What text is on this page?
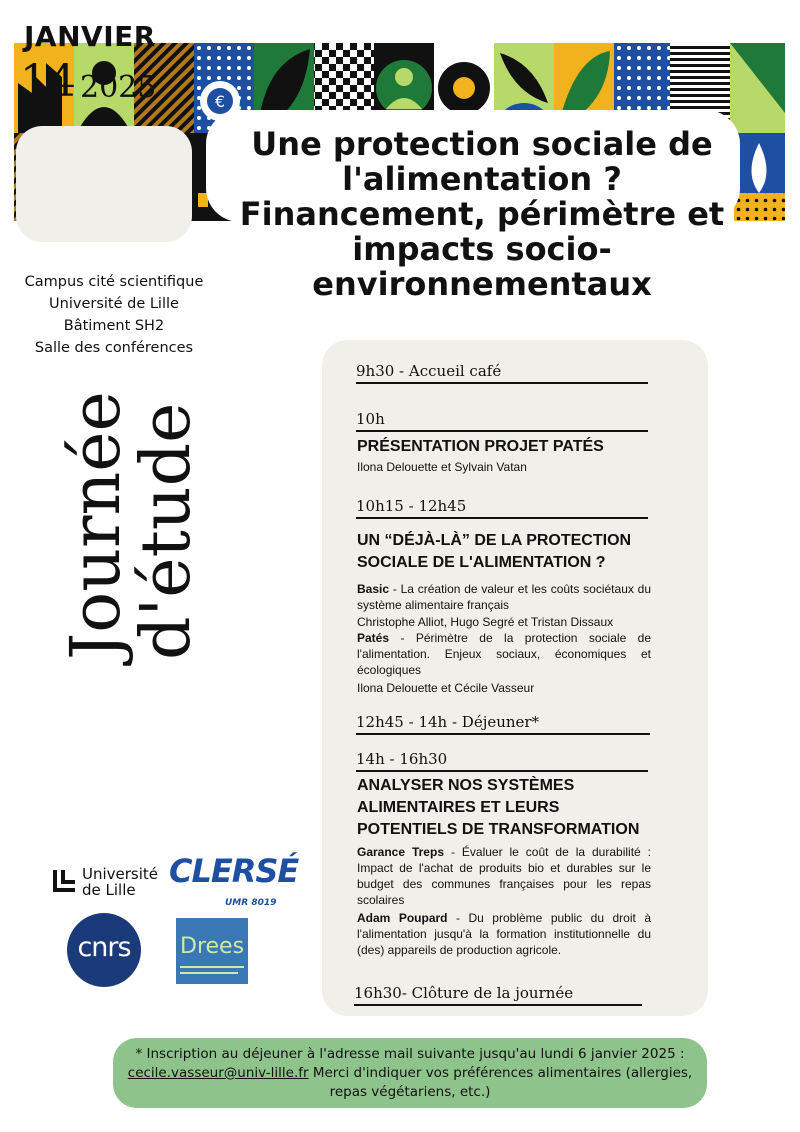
€
JANVIER
14 2025
Une protection sociale de
l'alimentation ?
Financement, périmètre et
impacts socio-
environnementaux
Campus cité scientifique
Université de Lille
Bâtiment SH2
Salle des conférences
Journée
d'étude
9h30 - Accueil café
10h

PRÉSENTATION PROJET PATÉS

Ilona Delouette et Sylvain Vatan
10h15 - 12h45

UN “DÉJÀ-LÀ” DE LA PROTECTION SOCIALE DE L'ALIMENTATION ?

Basic - La création de valeur et les coûts sociétaux du système alimentaire français

Christophe Alliot, Hugo Segré et Tristan Dissaux

Patés - Périmètre de la protection sociale de l'alimentation. Enjeux sociaux, économiques et écologiques

Ilona Delouette et Cécile Vasseur

12h45 - 14h - Déjeuner*
14h - 16h30

ANALYSER NOS SYSTÈMES ALIMENTAIRES ET LEURS POTENTIELS DE TRANSFORMATION

Garance Treps - Évaluer le coût de la durabilité : Impact de l'achat de produits bio et durables sur le budget des communes françaises pour les repas scolaires

Adam Poupard - Du problème public du droit à l'alimentation jusqu'à la formation institutionnelle du (des) appareils de production agricole.

16h30- Clôture de la journée
Université
de Lille	CLERSÉ
UMR 8019
cnrs	Drees

* Inscription au déjeuner à l'adresse mail suivante jusqu'au lundi 6 janvier 2025 :
cecile.vasseur@univ-lille.fr Merci d'indiquer vos préférences alimentaires (allergies,
repas végétariens, etc.)
